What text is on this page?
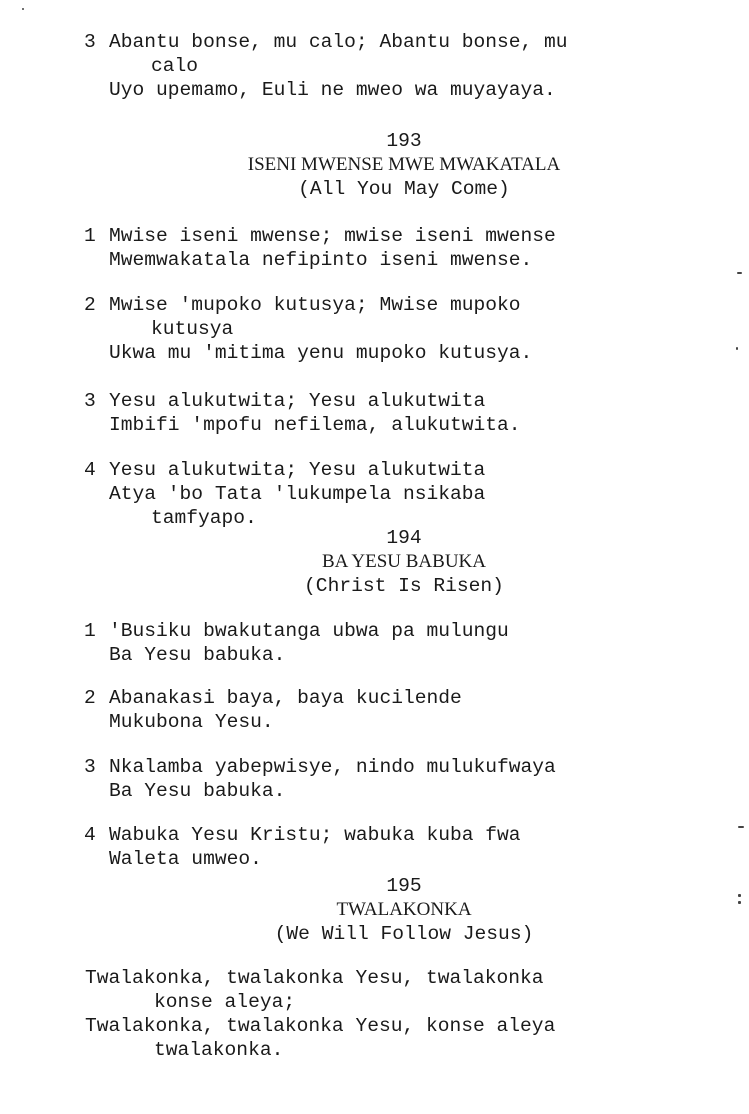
3 Abantu bonse, mu calo; Abantu bonse, mu
calo
Uyo upemamo, Euli ne mweo wa muyayaya.
193
ISENI MWENSE MWE MWAKATALA
(All You May Come)
1 Mwise iseni mwense; mwise iseni mwense
Mwemwakatala nefipinto iseni mwense.
2 Mwise 'mupoko kutusya; Mwise mupoko
kutusya
Ukwa mu 'mitima yenu mupoko kutusya.
3 Yesu alukutwita; Yesu alukutwita
Imbifi 'mpofu nefilema, alukutwita.
4 Yesu alukutwita; Yesu alukutwita
Atya 'bo Tata 'lukumpela nsikaba
tamfyapo.
194
BA YESU BABUKA
(Christ Is Risen)
1 'Busiku bwakutanga ubwa pa mulungu
Ba Yesu babuka.
2 Abanakasi baya, baya kucilende
Mukubona Yesu.
3 Nkalamba yabepwisye, nindo mulukufwaya
Ba Yesu babuka.
4 Wabuka Yesu Kristu; wabuka kuba fwa
Waleta umweo.
195
TWALAKONKA
(We Will Follow Jesus)
Twalakonka, twalakonka Yesu, twalakonka
konse aleya;
Twalakonka, twalakonka Yesu, konse aleya
twalakonka.
